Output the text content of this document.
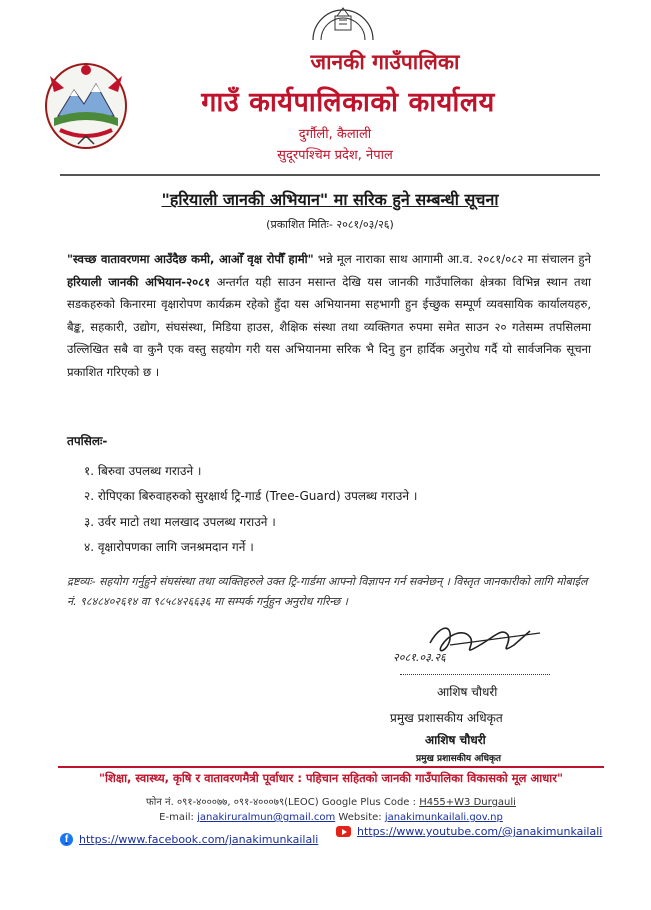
जानकी गाउँपालिका
गाउँ कार्यपालिकाको कार्यालय
दुर्गौली, कैलाली
सुदूरपश्चिम प्रदेश, नेपाल
"हरियाली जानकी अभियान" मा सरिक हुने सम्बन्धी सूचना
(प्रकाशित मितिः- २०८१/०३/२६)
"स्वच्छ वातावरणमा आउँदैछ कमी, आओँ वृक्ष रोपौँ हामी" भन्ने मूल नाराका साथ आगामी आ.व. २०८१/०८२ मा संचालन हुने हरियाली जानकी अभियान-२०८१ अन्तर्गत यही साउन मसान्त देखि यस जानकी गाउँपालिका क्षेत्रका विभिन्न स्थान तथा सडकहरुको किनारमा वृक्षारोपण कार्यक्रम रहेको हुँदा यस अभियानमा सहभागी हुन ईच्छुक सम्पूर्ण व्यवसायिक कार्यालयहरु, बैङ्क, सहकारी, उद्योग, संघसंस्था, मिडिया हाउस, शैक्षिक संस्था तथा व्यक्तिगत रुपमा समेत साउन २० गतेसम्म तपसिलमा उल्लिखित सबै वा कुनै एक वस्तु सहयोग गरी यस अभियानमा सरिक भै दिनु हुन हार्दिक अनुरोध गर्दै यो सार्वजनिक सूचना प्रकाशित गरिएको छ ।
तपसिलः-
१. बिरुवा उपलब्ध गराउने ।
२. रोपिएका बिरुवाहरुको सुरक्षार्थ ट्रि-गार्ड (Tree-Guard) उपलब्ध गराउने ।
३. उर्वर माटो तथा मलखाद उपलब्ध गराउने ।
४. वृक्षारोपणका लागि जनश्रमदान गर्ने ।
द्रष्टव्यः- सहयोग गर्नुहुने संघसंस्था तथा व्यक्तिहरुले उक्त ट्रि-गार्डमा आफ्नो विज्ञापन गर्न सक्नेछन् । विस्तृत जानकारीको लागि मोबाईल नं. ९८४८४०२६१४ वा ९८५८४२६६३६ मा सम्पर्क गर्नुहुन अनुरोध गरिन्छ ।
२०८१.०३.२६
आशिष चौधरी
प्रमुख प्रशासकीय अधिकृत
आशिष चौधरी
प्रमुख प्रशासकीय अधिकृत
"शिक्षा, स्वास्थ्य, कृषि र वातावरणमैत्री पूर्वाधार : पहिचान सहितको जानकी गाउँपालिका विकासको मूल आधार"
फोन नं. ०९१-४०००७७, ०९१-४०००७९(LEOC) Google Plus Code : H455+W3 Durgauli
E-mail: janakiruralmun@gmail.com Website: janakimunkailali.gov.np
f https://www.facebook.com/janakimunkailali
https://www.youtube.com/@janakimunkailali
